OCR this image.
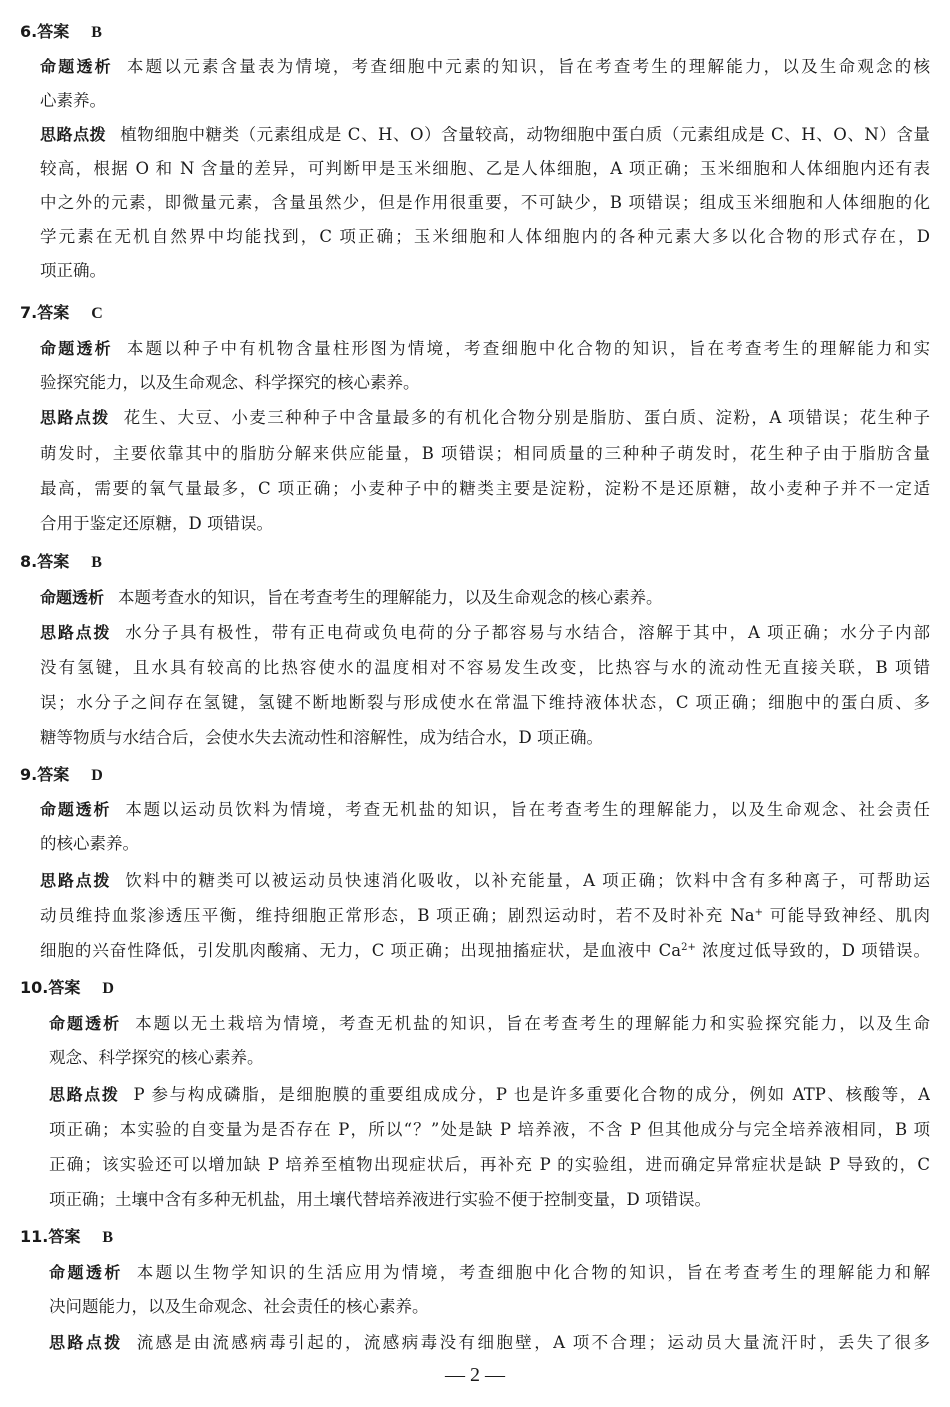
6.答案 B
命题透析 本题以元素含量表为情境，考查细胞中元素的知识，旨在考查考生的理解能力，以及生命观念的核
心素养。
思路点拨 植物细胞中糖类（元素组成是 C、H、O）含量较高，动物细胞中蛋白质（元素组成是 C、H、O、N）含量
较高，根据 O 和 N 含量的差异，可判断甲是玉米细胞、乙是人体细胞，A 项正确；玉米细胞和人体细胞内还有表
中之外的元素，即微量元素，含量虽然少，但是作用很重要，不可缺少，B 项错误；组成玉米细胞和人体细胞的化
学元素在无机自然界中均能找到，C 项正确；玉米细胞和人体细胞内的各种元素大多以化合物的形式存在，D
项正确。
7.答案 C
命题透析 本题以种子中有机物含量柱形图为情境，考查细胞中化合物的知识，旨在考查考生的理解能力和实
验探究能力，以及生命观念、科学探究的核心素养。
思路点拨 花生、大豆、小麦三种种子中含量最多的有机化合物分别是脂肪、蛋白质、淀粉，A 项错误；花生种子
萌发时，主要依靠其中的脂肪分解来供应能量，B 项错误；相同质量的三种种子萌发时，花生种子由于脂肪含量
最高，需要的氧气量最多，C 项正确；小麦种子中的糖类主要是淀粉，淀粉不是还原糖，故小麦种子并不一定适
合用于鉴定还原糖，D 项错误。
8.答案 B
命题透析 本题考查水的知识，旨在考查考生的理解能力，以及生命观念的核心素养。
思路点拨 水分子具有极性，带有正电荷或负电荷的分子都容易与水结合，溶解于其中，A 项正确；水分子内部
没有氢键，且水具有较高的比热容使水的温度相对不容易发生改变，比热容与水的流动性无直接关联，B 项错
误；水分子之间存在氢键，氢键不断地断裂与形成使水在常温下维持液体状态，C 项正确；细胞中的蛋白质、多
糖等物质与水结合后，会使水失去流动性和溶解性，成为结合水，D 项正确。
9.答案 D
命题透析 本题以运动员饮料为情境，考查无机盐的知识，旨在考查考生的理解能力，以及生命观念、社会责任
的核心素养。
思路点拨 饮料中的糖类可以被运动员快速消化吸收，以补充能量，A 项正确；饮料中含有多种离子，可帮助运
动员维持血浆渗透压平衡，维持细胞正常形态，B 项正确；剧烈运动时，若不及时补充 Na+ 可能导致神经、肌肉
细胞的兴奋性降低，引发肌肉酸痛、无力，C 项正确；出现抽搐症状，是血液中 $Ca^{2+}$ 浓度过低导致的，D 项错误。
10.答案 D
命题透析 本题以无土栽培为情境，考查无机盐的知识，旨在考查考生的理解能力和实验探究能力，以及生命
观念、科学探究的核心素养。
思路点拨 P 参与构成磷脂，是细胞膜的重要组成成分，P 也是许多重要化合物的成分，例如 ATP、核酸等，A
项正确；本实验的自变量为是否存在 P，所以“？”处是缺 P 培养液，不含 P 但其他成分与完全培养液相同，B 项
正确；该实验还可以增加缺 P 培养至植物出现症状后，再补充 P 的实验组，进而确定异常症状是缺 P 导致的，C
项正确；土壤中含有多种无机盐，用土壤代替培养液进行实验不便于控制变量，D 项错误。
11.答案 B
命题透析 本题以生物学知识的生活应用为情境，考查细胞中化合物的知识，旨在考查考生的理解能力和解
决问题能力，以及生命观念、社会责任的核心素养。
思路点拨 流感是由流感病毒引起的，流感病毒没有细胞壁，A 项不合理；运动员大量流汗时，丢失了很多
— 2 —
